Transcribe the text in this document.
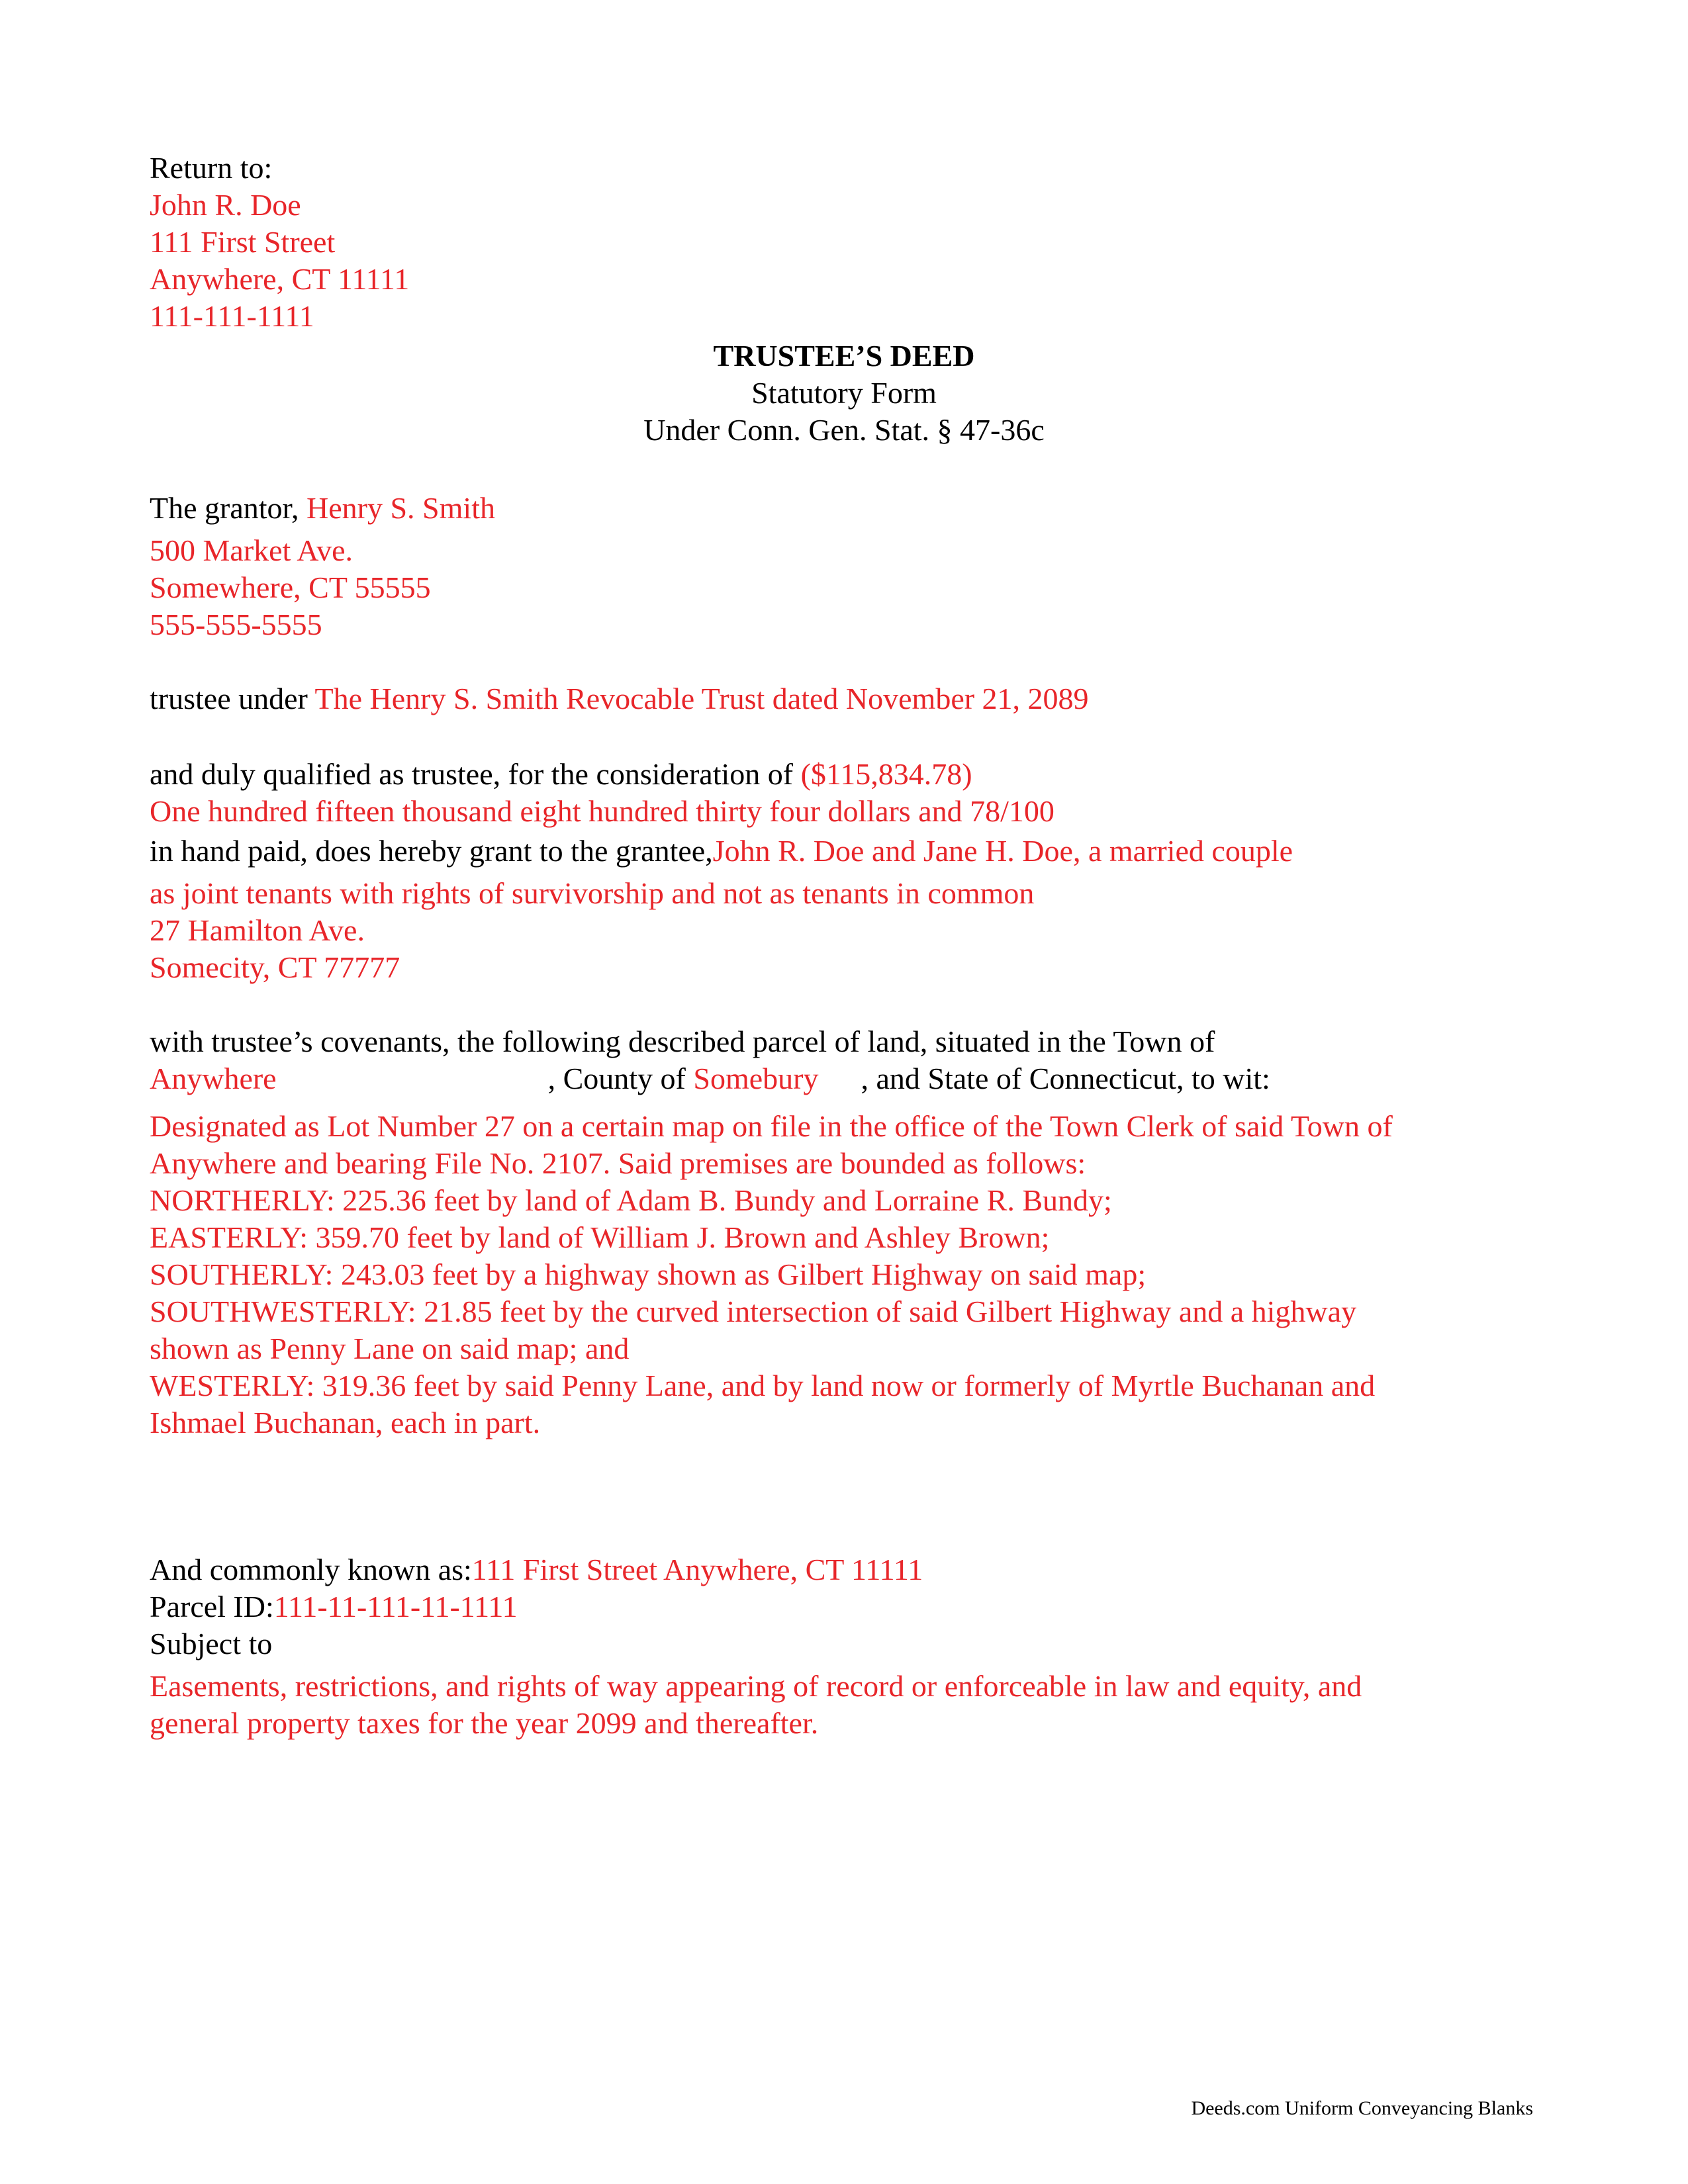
Return to:
John R. Doe
111 First Street
Anywhere, CT 11111
111-111-1111
TRUSTEE’S DEED
Statutory Form
Under Conn. Gen. Stat. § 47-36c
The grantor, Henry S. Smith
500 Market Ave.
Somewhere, CT 55555
555-555-5555
trustee under The Henry S. Smith Revocable Trust dated November 21, 2089
and duly qualified as trustee, for the consideration of ($115,834.78)
One hundred fifteen thousand eight hundred thirty four dollars and 78/100
in hand paid, does hereby grant to the grantee,John R. Doe and Jane H. Doe, a married couple
as joint tenants with rights of survivorship and not as tenants in common
27 Hamilton Ave.
Somecity, CT 77777
with trustee’s covenants, the following described parcel of land, situated in the Town of
Anywhere	, County of Somebury , and State of Connecticut, to wit:
Designated as Lot Number 27 on a certain map on file in the office of the Town Clerk of said Town of
Anywhere and bearing File No. 2107. Said premises are bounded as follows:
NORTHERLY: 225.36 feet by land of Adam B. Bundy and Lorraine R. Bundy;
EASTERLY: 359.70 feet by land of William J. Brown and Ashley Brown;
SOUTHERLY: 243.03 feet by a highway shown as Gilbert Highway on said map;
SOUTHWESTERLY: 21.85 feet by the curved intersection of said Gilbert Highway and a highway
shown as Penny Lane on said map; and
WESTERLY: 319.36 feet by said Penny Lane, and by land now or formerly of Myrtle Buchanan and
Ishmael Buchanan, each in part.
And commonly known as:111 First Street Anywhere, CT 11111
Parcel ID:111-11-111-11-1111
Subject to
Easements, restrictions, and rights of way appearing of record or enforceable in law and equity, and
general property taxes for the year 2099 and thereafter.
Deeds.com Uniform Conveyancing Blanks
